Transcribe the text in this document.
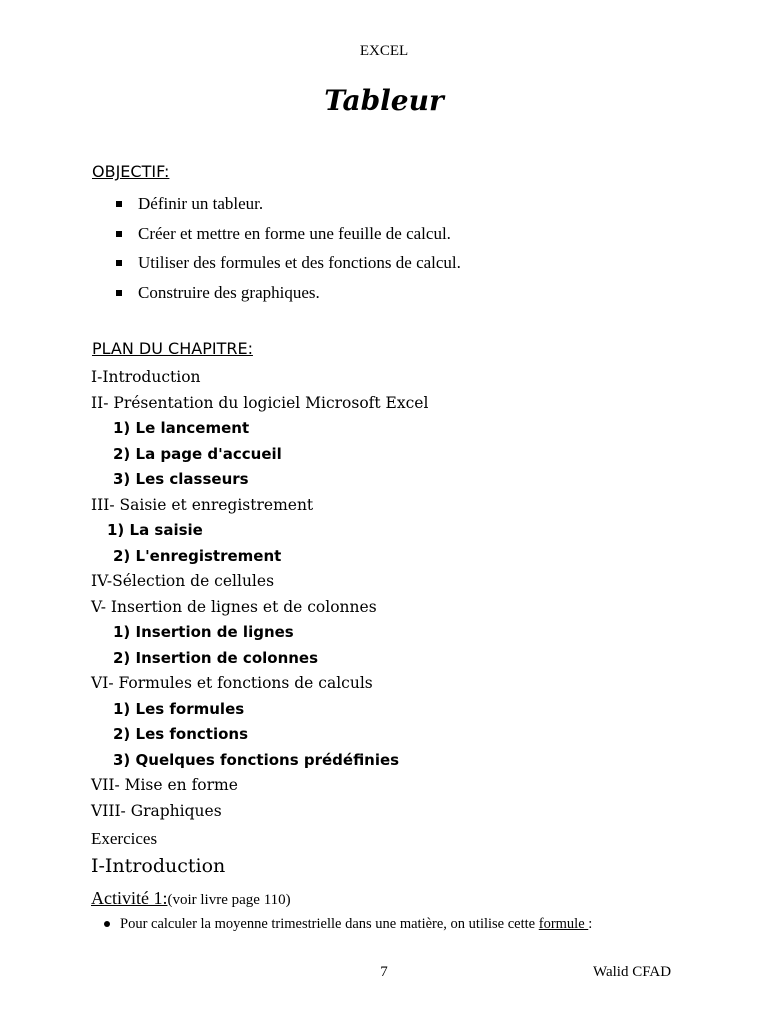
EXCEL
Tableur
OBJECTIF:
Définir un tableur.
Créer et mettre en forme une feuille de calcul.
Utiliser des formules et des fonctions de calcul.
Construire des graphiques.
PLAN DU CHAPITRE:
I-Introduction
II- Présentation du logiciel Microsoft Excel
1) Le lancement
2) La page d'accueil
3) Les classeurs
III- Saisie et enregistrement
1) La saisie
2) L'enregistrement
IV-Sélection de cellules
V- Insertion de lignes et de colonnes
1) Insertion de lignes
2) Insertion de colonnes
VI- Formules et fonctions de calculs
1) Les formules
2) Les fonctions
3) Quelques fonctions prédéfinies
VII- Mise en forme
VIII- Graphiques
Exercices
I-Introduction
Activité 1:(voir livre page 110)
Pour calculer la moyenne trimestrielle dans une matière, on utilise cette formule :
7	Walid CFAD
